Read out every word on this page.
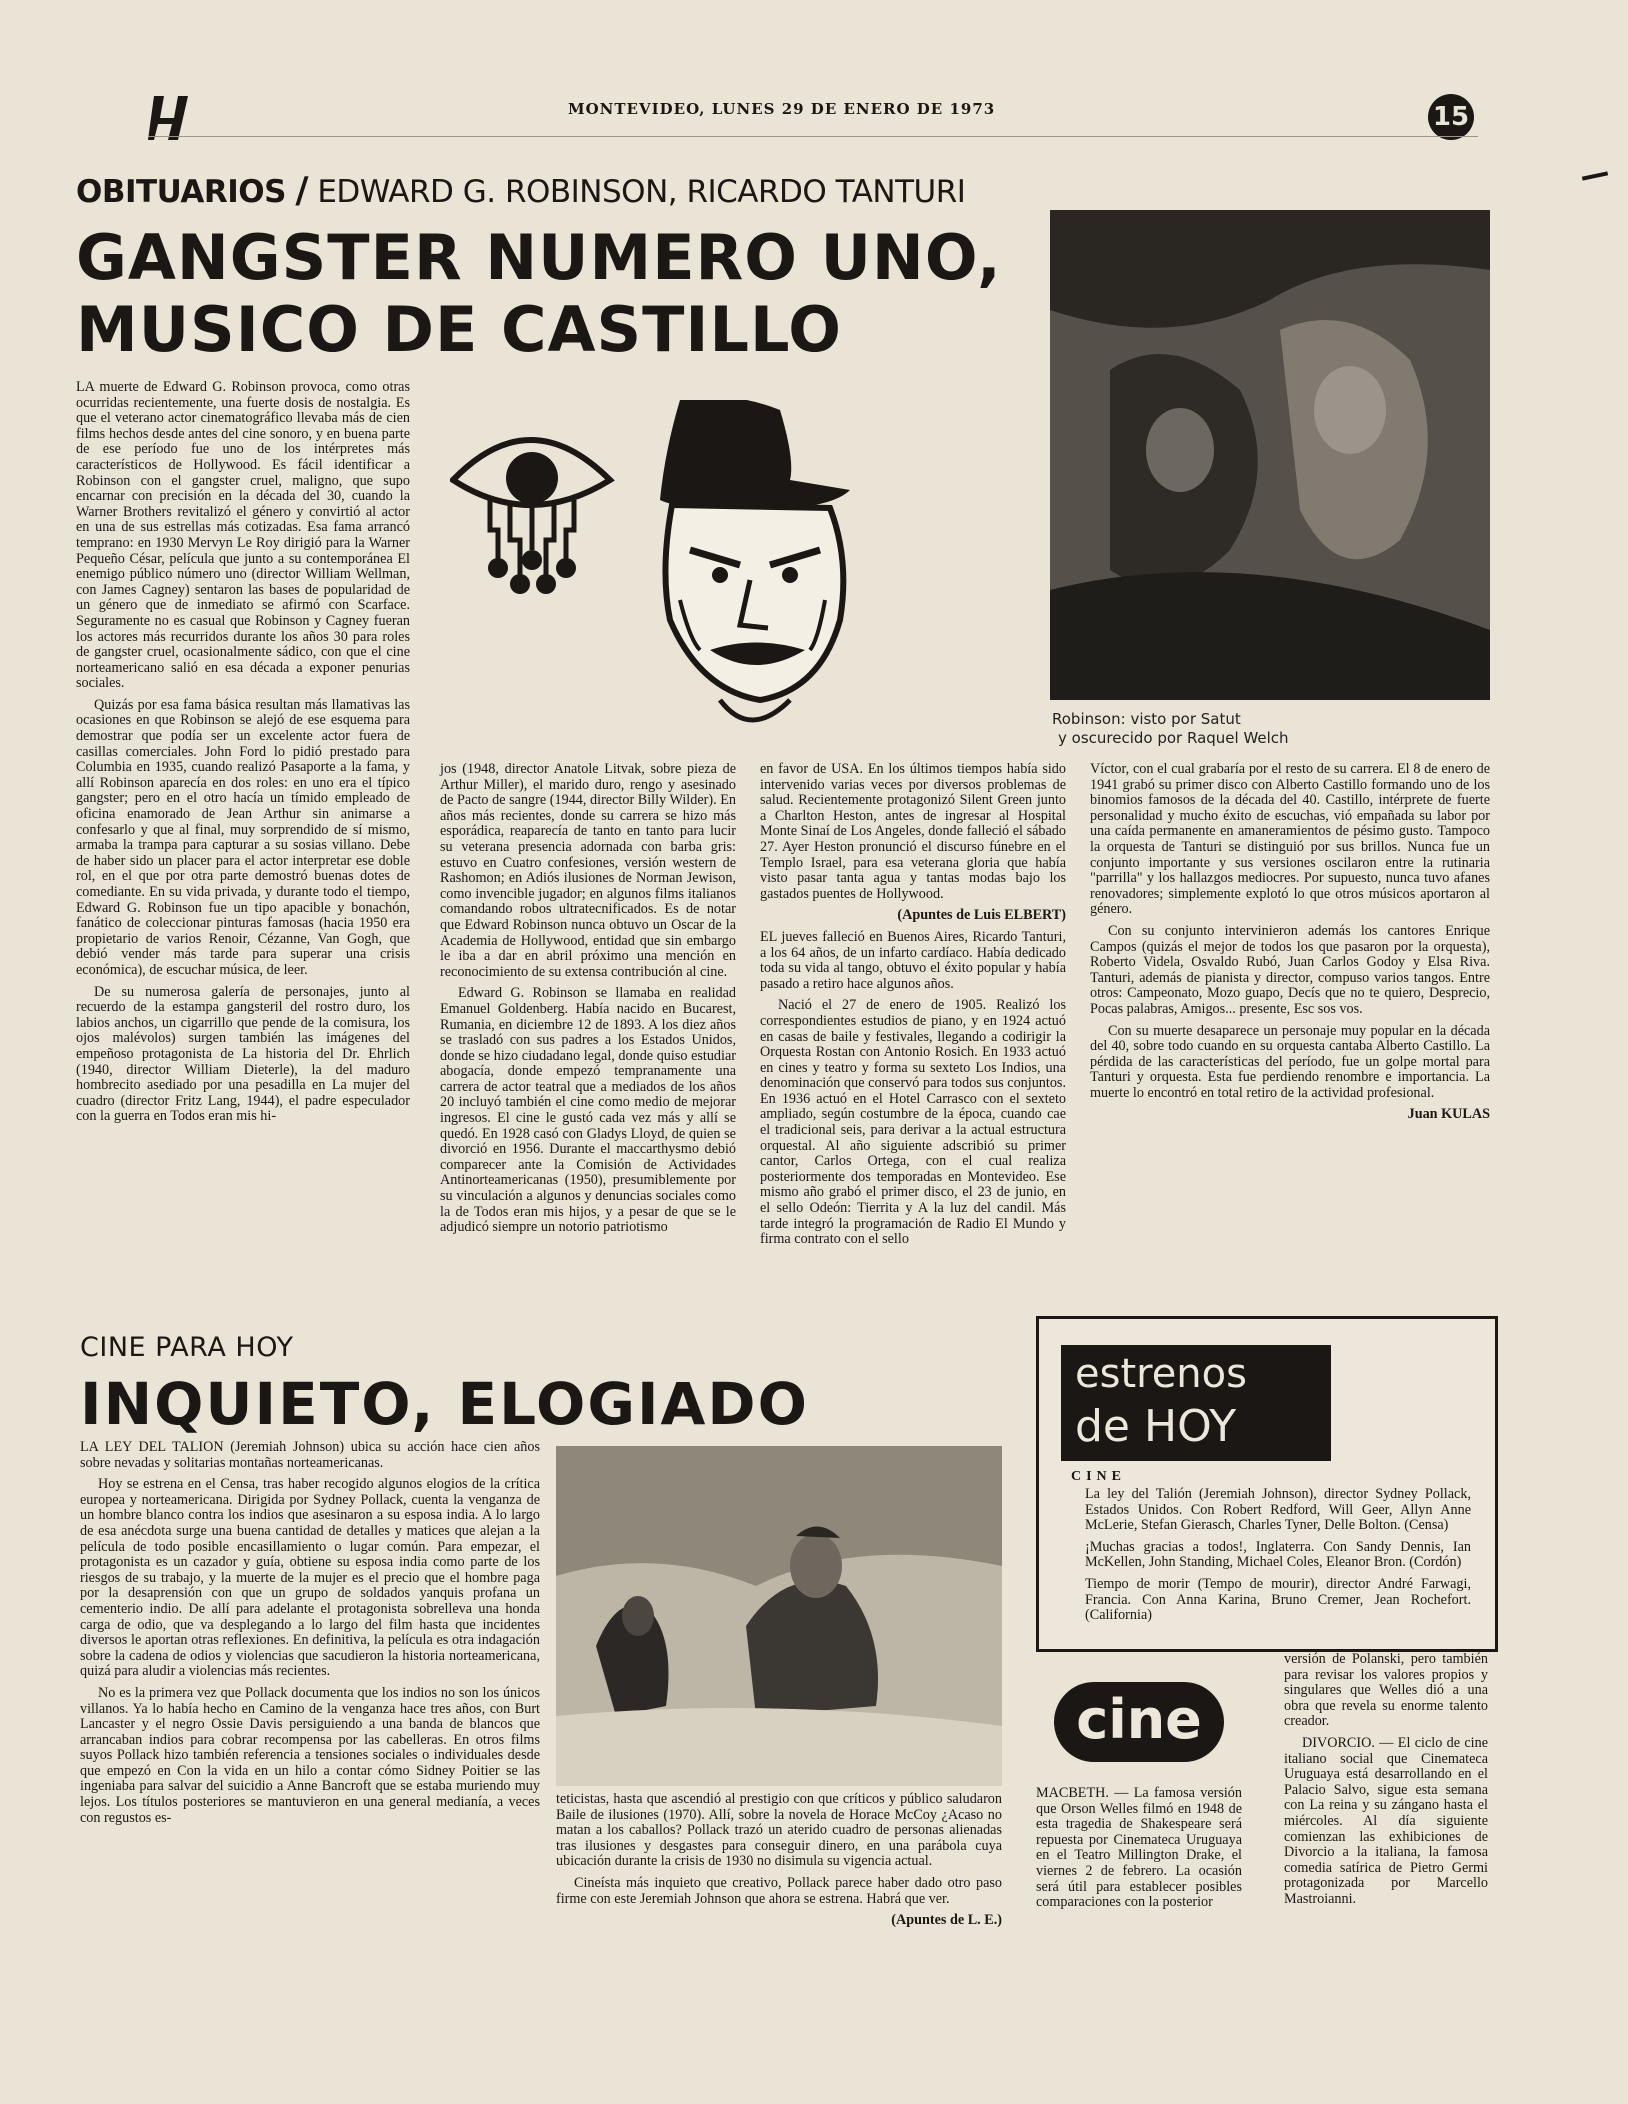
MONTEVIDEO, LUNES 29 DE ENERO DE 1973	15
OBITUARIOS / EDWARD G. ROBINSON, RICARDO TANTURI
GANGSTER NUMERO UNO,
MUSICO DE CASTILLO
Robinson: visto por Satut
y oscurecido por Raquel Welch

LA muerte de Edward G. Robinson provoca, como otras ocurridas recientemente, una fuerte dosis de nostalgia. Es que el veterano actor cinematográfico llevaba más de cien films hechos desde antes del cine sonoro, y en buena parte de ese período fue uno de los intérpretes más característicos de Hollywood. Es fácil identificar a Robinson con el gangster cruel, maligno, que supo encarnar con precisión en la década del 30, cuando la Warner Brothers revitalizó el género y convirtió al actor en una de sus estrellas más cotizadas. Esa fama arrancó temprano: en 1930 Mervyn Le Roy dirigió para la Warner Pequeño César, película que junto a su contemporánea El enemigo público número uno (director William Wellman, con James Cagney) sentaron las bases de popularidad de un género que de inmediato se afirmó con Scarface. Seguramente no es casual que Robinson y Cagney fueran los actores más recurridos durante los años 30 para roles de gangster cruel, ocasionalmente sádico, con que el cine norteamericano salió en esa década a exponer penurias sociales.

Quizás por esa fama básica resultan más llamativas las ocasiones en que Robinson se alejó de ese esquema para demostrar que podía ser un excelente actor fuera de casillas comerciales. John Ford lo pidió prestado para Columbia en 1935, cuando realizó Pasaporte a la fama, y allí Robinson aparecía en dos roles: en uno era el típico gangster; pero en el otro hacía un tímido empleado de oficina enamorado de Jean Arthur sin animarse a confesarlo y que al final, muy sorprendido de sí mismo, armaba la trampa para capturar a su sosias villano. Debe de haber sido un placer para el actor interpretar ese doble rol, en el que por otra parte demostró buenas dotes de comediante. En su vida privada, y durante todo el tiempo, Edward G. Robinson fue un tipo apacible y bonachón, fanático de coleccionar pinturas famosas (hacia 1950 era propietario de varios Renoir, Cézanne, Van Gogh, que debió vender más tarde para superar una crisis económica), de escuchar música, de leer.

De su numerosa galería de personajes, junto al recuerdo de la estampa gangsteril del rostro duro, los labios anchos, un cigarrillo que pende de la comisura, los ojos malévolos) surgen también las imágenes del empeñoso protagonista de La historia del Dr. Ehrlich (1940, director William Dieterle), la del maduro hombrecito asediado por una pesadilla en La mujer del cuadro (director Fritz Lang, 1944), el padre especulador con la guerra en Todos eran mis hi-

jos (1948, director Anatole Litvak, sobre pieza de Arthur Miller), el marido duro, rengo y asesinado de Pacto de sangre (1944, director Billy Wilder). En años más recientes, donde su carrera se hizo más esporádica, reaparecía de tanto en tanto para lucir su veterana presencia adornada con barba gris: estuvo en Cuatro confesiones, versión western de Rashomon; en Adiós ilusiones de Norman Jewison, como invencible jugador; en algunos films italianos comandando robos ultratecnificados. Es de notar que Edward Robinson nunca obtuvo un Oscar de la Academia de Hollywood, entidad que sin embargo le iba a dar en abril próximo una mención en reconocimiento de su extensa contribución al cine.

Edward G. Robinson se llamaba en realidad Emanuel Goldenberg. Había nacido en Bucarest, Rumania, en diciembre 12 de 1893. A los diez años se trasladó con sus padres a los Estados Unidos, donde se hizo ciudadano legal, donde quiso estudiar abogacía, donde empezó tempranamente una carrera de actor teatral que a mediados de los años 20 incluyó también el cine como medio de mejorar ingresos. El cine le gustó cada vez más y allí se quedó. En 1928 casó con Gladys Lloyd, de quien se divorció en 1956. Durante el maccarthysmo debió comparecer ante la Comisión de Actividades Antinorteamericanas (1950), presumiblemente por su vinculación a algunos y denuncias sociales como la de Todos eran mis hijos, y a pesar de que se le adjudicó siempre un notorio patriotismo

en favor de USA. En los últimos tiempos había sido intervenido varias veces por diversos problemas de salud. Recientemente protagonizó Silent Green junto a Charlton Heston, antes de ingresar al Hospital Monte Sinaí de Los Angeles, donde falleció el sábado 27. Ayer Heston pronunció el discurso fúnebre en el Templo Israel, para esa veterana gloria que había visto pasar tanta agua y tantas modas bajo los gastados puentes de Hollywood.

(Apuntes de Luis ELBERT)

EL jueves falleció en Buenos Aires, Ricardo Tanturi, a los 64 años, de un infarto cardíaco. Había dedicado toda su vida al tango, obtuvo el éxito popular y había pasado a retiro hace algunos años.

Nació el 27 de enero de 1905. Realizó los correspondientes estudios de piano, y en 1924 actuó en casas de baile y festivales, llegando a codirigir la Orquesta Rostan con Antonio Rosich. En 1933 actuó en cines y teatro y forma su sexteto Los Indios, una denominación que conservó para todos sus conjuntos. En 1936 actuó en el Hotel Carrasco con el sexteto ampliado, según costumbre de la época, cuando cae el tradicional seis, para derivar a la actual estructura orquestal. Al año siguiente adscribió su primer cantor, Carlos Ortega, con el cual realiza posteriormente dos temporadas en Montevideo. Ese mismo año grabó el primer disco, el 23 de junio, en el sello Odeón: Tierrita y A la luz del candil. Más tarde integró la programación de Radio El Mundo y firma contrato con el sello

Víctor, con el cual grabaría por el resto de su carrera. El 8 de enero de 1941 grabó su primer disco con Alberto Castillo formando uno de los binomios famosos de la década del 40. Castillo, intérprete de fuerte personalidad y mucho éxito de escuchas, vió empañada su labor por una caída permanente en amaneramientos de pésimo gusto. Tampoco la orquesta de Tanturi se distinguió por sus brillos. Nunca fue un conjunto importante y sus versiones oscilaron entre la rutinaria "parrilla" y los hallazgos mediocres. Por supuesto, nunca tuvo afanes renovadores; simplemente explotó lo que otros músicos aportaron al género.

Con su conjunto intervinieron además los cantores Enrique Campos (quizás el mejor de todos los que pasaron por la orquesta), Roberto Videla, Osvaldo Rubó, Juan Carlos Godoy y Elsa Riva. Tanturi, además de pianista y director, compuso varios tangos. Entre otros: Campeonato, Mozo guapo, Decís que no te quiero, Desprecio, Pocas palabras, Amigos... presente, Esc sos vos.

Con su muerte desaparece un personaje muy popular en la década del 40, sobre todo cuando en su orquesta cantaba Alberto Castillo. La pérdida de las características del período, fue un golpe mortal para Tanturi y orquesta. Esta fue perdiendo renombre e importancia. La muerte lo encontró en total retiro de la actividad profesional.

Juan KULAS

CINE PARA HOY
INQUIETO, ELOGIADO

LA LEY DEL TALION (Jeremiah Johnson) ubica su acción hace cien años sobre nevadas y solitarias montañas norteamericanas.

Hoy se estrena en el Censa, tras haber recogido algunos elogios de la crítica europea y norteamericana. Dirigida por Sydney Pollack, cuenta la venganza de un hombre blanco contra los indios que asesinaron a su esposa india. A lo largo de esa anécdota surge una buena cantidad de detalles y matices que alejan a la película de todo posible encasillamiento o lugar común. Para empezar, el protagonista es un cazador y guía, obtiene su esposa india como parte de los riesgos de su trabajo, y la muerte de la mujer es el precio que el hombre paga por la desaprensión con que un grupo de soldados yanquis profana un cementerio indio. De allí para adelante el protagonista sobrelleva una honda carga de odio, que va desplegando a lo largo del film hasta que incidentes diversos le aportan otras reflexiones. En definitiva, la película es otra indagación sobre la cadena de odios y violencias que sacudieron la historia norteamericana, quizá para aludir a violencias más recientes.

No es la primera vez que Pollack documenta que los indios no son los únicos villanos. Ya lo había hecho en Camino de la venganza hace tres años, con Burt Lancaster y el negro Ossie Davis persiguiendo a una banda de blancos que arrancaban indios para cobrar recompensa por las cabelleras. En otros films suyos Pollack hizo también referencia a tensiones sociales o individuales desde que empezó en Con la vida en un hilo a contar cómo Sidney Poitier se las ingeniaba para salvar del suicidio a Anne Bancroft que se estaba muriendo muy lejos. Los títulos posteriores se mantuvieron en una general medianía, a veces con regustos es-

teticistas, hasta que ascendió al prestigio con que críticos y público saludaron Baile de ilusiones (1970). Allí, sobre la novela de Horace McCoy ¿Acaso no matan a los caballos? Pollack trazó un aterido cuadro de personas alienadas tras ilusiones y desgastes para conseguir dinero, en una parábola cuya ubicación durante la crisis de 1930 no disimula su vigencia actual.

Cineísta más inquieto que creativo, Pollack parece haber dado otro paso firme con este Jeremiah Johnson que ahora se estrena. Habrá que ver.

(Apuntes de L. E.)

estrenos
de HOY
CINE

La ley del Talión (Jeremiah Johnson), director Sydney Pollack, Estados Unidos. Con Robert Redford, Will Geer, Allyn Anne McLerie, Stefan Gierasch, Charles Tyner, Delle Bolton. (Censa)

¡Muchas gracias a todos!, Inglaterra. Con Sandy Dennis, Ian McKellen, John Standing, Michael Coles, Eleanor Bron. (Cordón)

Tiempo de morir (Tempo de mourir), director André Farwagi, Francia. Con Anna Karina, Bruno Cremer, Jean Rochefort. (California)

cine

MACBETH. — La famosa versión que Orson Welles filmó en 1948 de esta tragedia de Shakespeare será repuesta por Cinemateca Uruguaya en el Teatro Millington Drake, el viernes 2 de febrero. La ocasión será útil para establecer posibles comparaciones con la posterior

versión de Polanski, pero también para revisar los valores propios y singulares que Welles dió a una obra que revela su enorme talento creador.

DIVORCIO. — El ciclo de cine italiano social que Cinemateca Uruguaya está desarrollando en el Palacio Salvo, sigue esta semana con La reina y su zángano hasta el miércoles. Al día siguiente comienzan las exhibiciones de Divorcio a la italiana, la famosa comedia satírica de Pietro Germi protagonizada por Marcello Mastroianni.
